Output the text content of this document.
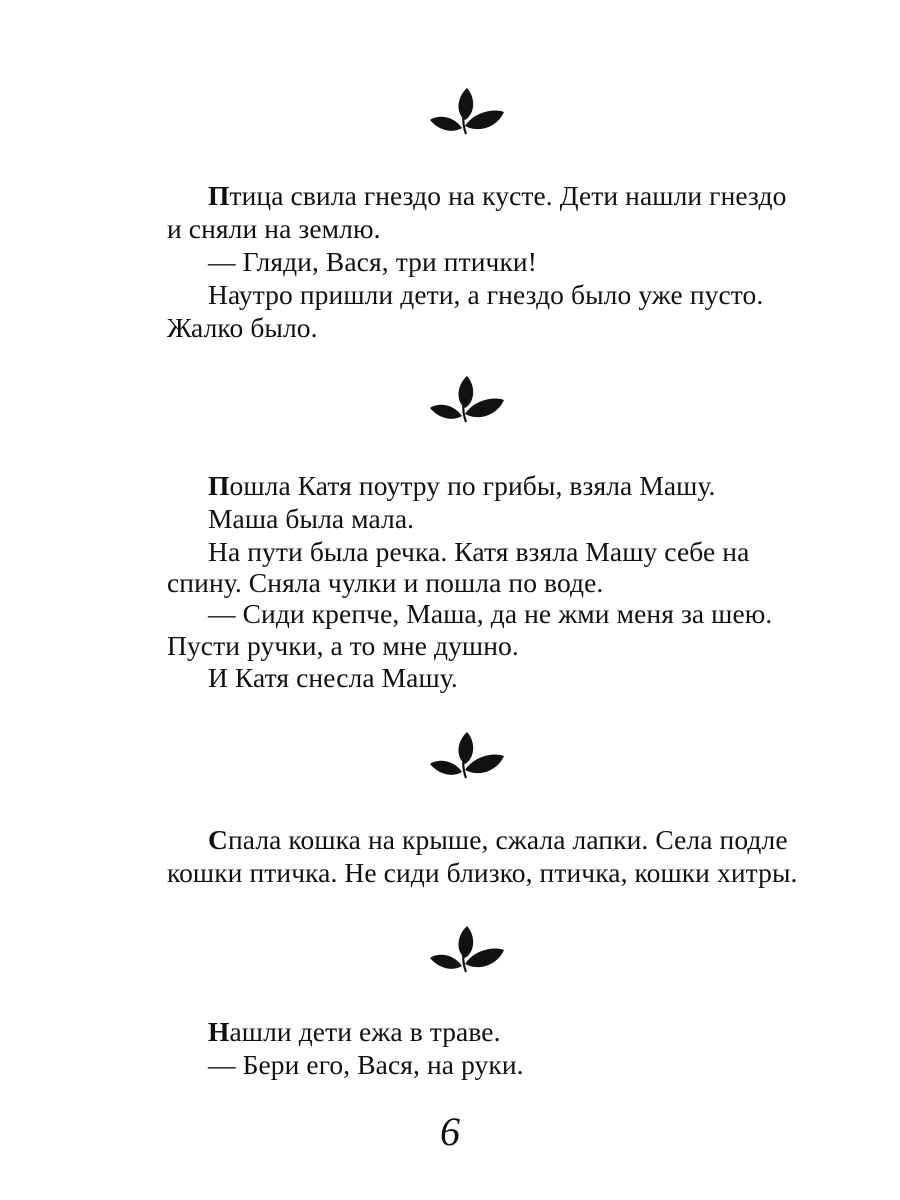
Птица свила гнездо на кусте. Дети нашли гнездо
и сняли на землю.
— Гляди, Вася, три птички!
Наутро пришли дети, а гнездо было уже пусто.
Жалко было.
Пошла Катя поутру по грибы, взяла Машу.
Маша была мала.
На пути была речка. Катя взяла Машу себе на
спину. Сняла чулки и пошла по воде.
— Сиди крепче, Маша, да не жми меня за шею.
Пусти ручки, а то мне душно.
И Катя снесла Машу.
Спала кошка на крыше, сжала лапки. Села подле
кошки птичка. Не сиди близко, птичка, кошки хитры.
Нашли дети ежа в траве.
— Бери его, Вася, на руки.
6
